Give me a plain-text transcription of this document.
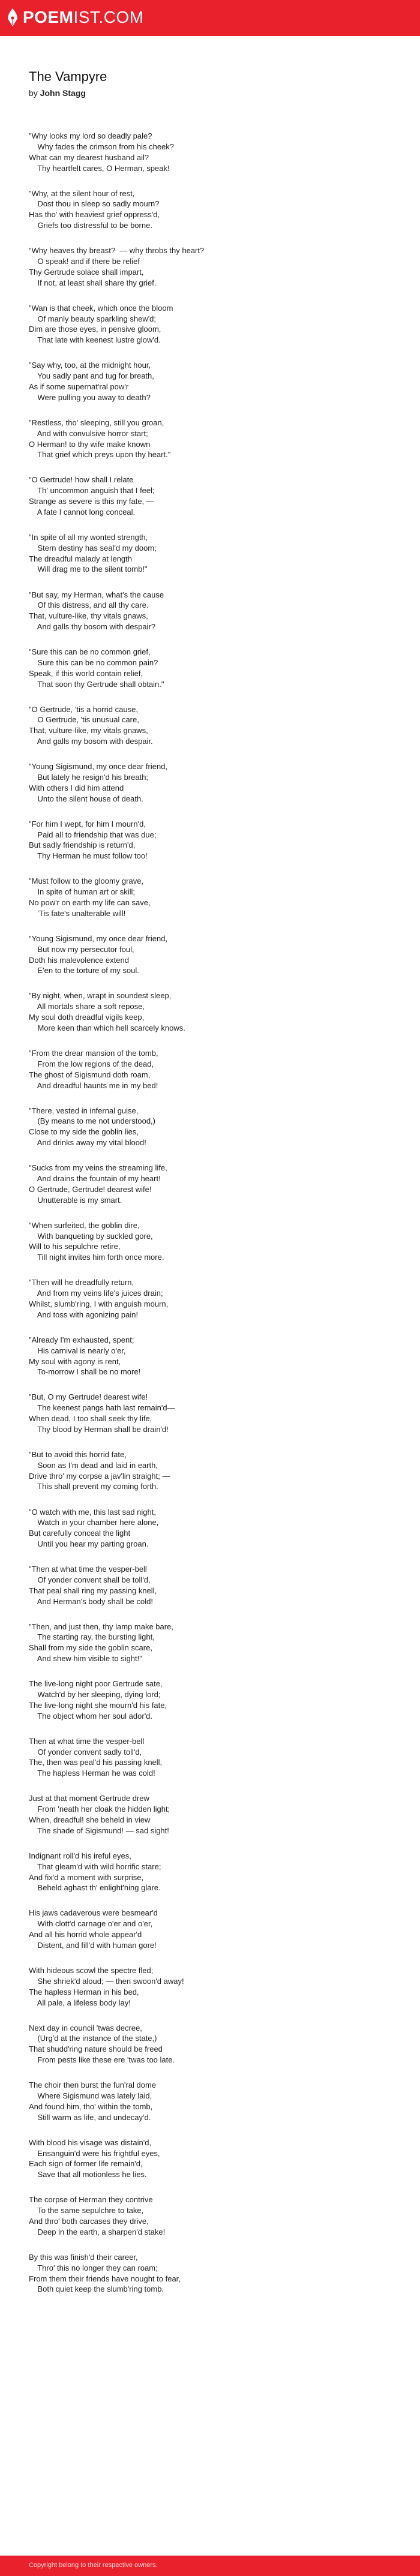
POEMIST.COM
The Vampyre
by John Stagg
"Why looks my lord so deadly pale?
Why fades the crimson from his cheek?
What can my dearest husband ail?
Thy heartfelt cares, O Herman, speak!
"Why, at the silent hour of rest,
Dost thou in sleep so sadly mourn?
Has tho' with heaviest grief oppress'd,
Griefs too distressful to be borne.
"Why heaves thy breast?  — why throbs thy heart?
O speak! and if there be relief
Thy Gertrude solace shall impart,
If not, at least shall share thy grief.
"Wan is that cheek, which once the bloom
Of manly beauty sparkling shew'd;
Dim are those eyes, in pensive gloom,
That late with keenest lustre glow'd.
"Say why, too, at the midnight hour,
You sadly pant and tug for breath,
As if some supernat'ral pow'r
Were pulling you away to death?
"Restless, tho' sleeping, still you groan,
And with convulsive horror start;
O Herman! to thy wife make known
That grief which preys upon thy heart."
"O Gertrude! how shall I relate
Th' uncommon anguish that I feel;
Strange as severe is this my fate, —
A fate I cannot long conceal.
"In spite of all my wonted strength,
Stern destiny has seal'd my doom;
The dreadful malady at length
Will drag me to the silent tomb!"
"But say, my Herman, what's the cause
Of this distress, and all thy care.
That, vulture-like, thy vitals gnaws,
And galls thy bosom with despair?
"Sure this can be no common grief,
Sure this can be no common pain?
Speak, if this world contain relief,
That soon thy Gertrude shall obtain."
"O Gertrude, 'tis a horrid cause,
O Gertrude, 'tis unusual care,
That, vulture-like, my vitals gnaws,
And galls my bosom with despair.
"Young Sigismund, my once dear friend,
But lately he resign'd his breath;
With others I did him attend
Unto the silent house of death.
"For him I wept, for him I mourn'd,
Paid all to friendship that was due;
But sadly friendship is return'd,
Thy Herman he must follow too!
"Must follow to the gloomy grave,
In spite of human art or skill;
No pow'r on earth my life can save,
'Tis fate's unalterable will!
"Young Sigismund, my once dear friend,
But now my persecutor foul,
Doth his malevolence extend
E'en to the torture of my soul.
"By night, when, wrapt in soundest sleep,
All mortals share a soft repose,
My soul doth dreadful vigils keep,
More keen than which hell scarcely knows.
"From the drear mansion of the tomb,
From the low regions of the dead,
The ghost of Sigismund doth roam,
And dreadful haunts me in my bed!
"There, vested in infernal guise,
(By means to me not understood,)
Close to my side the goblin lies,
And drinks away my vital blood!
"Sucks from my veins the streaming life,
And drains the fountain of my heart!
O Gertrude, Gertrude! dearest wife!
Unutterable is my smart.
"When surfeited, the goblin dire,
With banqueting by suckled gore,
Will to his sepulchre retire,
Till night invites him forth once more.
"Then will he dreadfully return,
And from my veins life's juices drain;
Whilst, slumb'ring, I with anguish mourn,
And toss with agonizing pain!
"Already I'm exhausted, spent;
His carnival is nearly o'er,
My soul with agony is rent,
To-morrow I shall be no more!
"But, O my Gertrude! dearest wife!
The keenest pangs hath last remain'd—
When dead, I too shall seek thy life,
Thy blood by Herman shall be drain'd!
"But to avoid this horrid fate,
Soon as I'm dead and laid in earth,
Drive thro' my corpse a jav'lin straight; —
This shall prevent my coming forth.
"O watch with me, this last sad night,
Watch in your chamber here alone,
But carefully conceal the light
Until you hear my parting groan.
"Then at what time the vesper-bell
Of yonder convent shall be toll'd,
That peal shall ring my passing knell,
And Herman's body shall be cold!
"Then, and just then, thy lamp make bare,
The starting ray, the bursting light,
Shall from my side the goblin scare,
And shew him visible to sight!"
The live-long night poor Gertrude sate,
Watch'd by her sleeping, dying lord;
The live-long night she mourn'd his fate,
The object whom her soul ador'd.
Then at what time the vesper-bell
Of yonder convent sadly toll'd,
The, then was peal'd his passing knell,
The hapless Herman he was cold!
Just at that moment Gertrude drew
From 'neath her cloak the hidden light;
When, dreadful! she beheld in view
The shade of Sigismund! — sad sight!
Indignant roll'd his ireful eyes,
That gleam'd with wild horrific stare;
And fix'd a moment with surprise,
Beheld aghast th' enlight'ning glare.
His jaws cadaverous were besmear'd
With clott'd carnage o'er and o'er,
And all his horrid whole appear'd
Distent, and fill'd with human gore!
With hideous scowl the spectre fled;
She shriek'd aloud; — then swoon'd away!
The hapless Herman in his bed,
All pale, a lifeless body lay!
Next day in council 'twas decree,
(Urg'd at the instance of the state,)
That shudd'ring nature should be freed
From pests like these ere 'twas too late.
The choir then burst the fun'ral dome
Where Sigismund was lately laid,
And found him, tho' within the tomb,
Still warm as life, and undecay'd.
With blood his visage was distain'd,
Ensanguin'd were his frightful eyes,
Each sign of former life remain'd,
Save that all motionless he lies.
The corpse of Herman they contrive
To the same sepulchre to take,
And thro' both carcases they drive,
Deep in the earth, a sharpen'd stake!
By this was finish'd their career,
Thro' this no longer they can roam;
From them their friends have nought to fear,
Both quiet keep the slumb'ring tomb.
Copyright belong to their respective owners.
